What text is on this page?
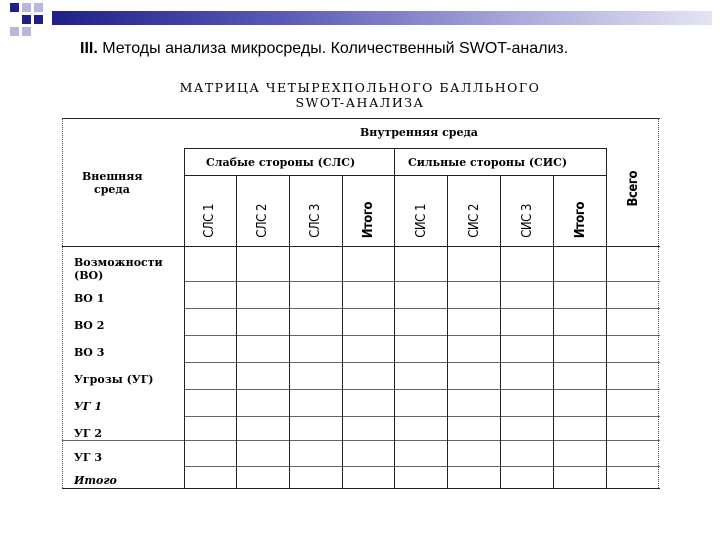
III. Методы анализа микросреды. Количественный SWOT-анализ.
МАТРИЦА ЧЕТЫРЕХПОЛЬНОГО БАЛЛЬНОГО
SWOT-АНАЛИЗА
Внутренняя среда
Внешняя
среда
Слабые стороны (СЛС)	Сильные стороны (СИС)
СЛС 1	СЛС 2	СЛС 3	Итого	СИС 1	СИС 2	СИС 3	Итого
Всего
Возможности
(ВО)
ВО 1
ВО 2
ВО 3
Угрозы (УГ)
УГ 1
УГ 2
УГ 3
Итого
